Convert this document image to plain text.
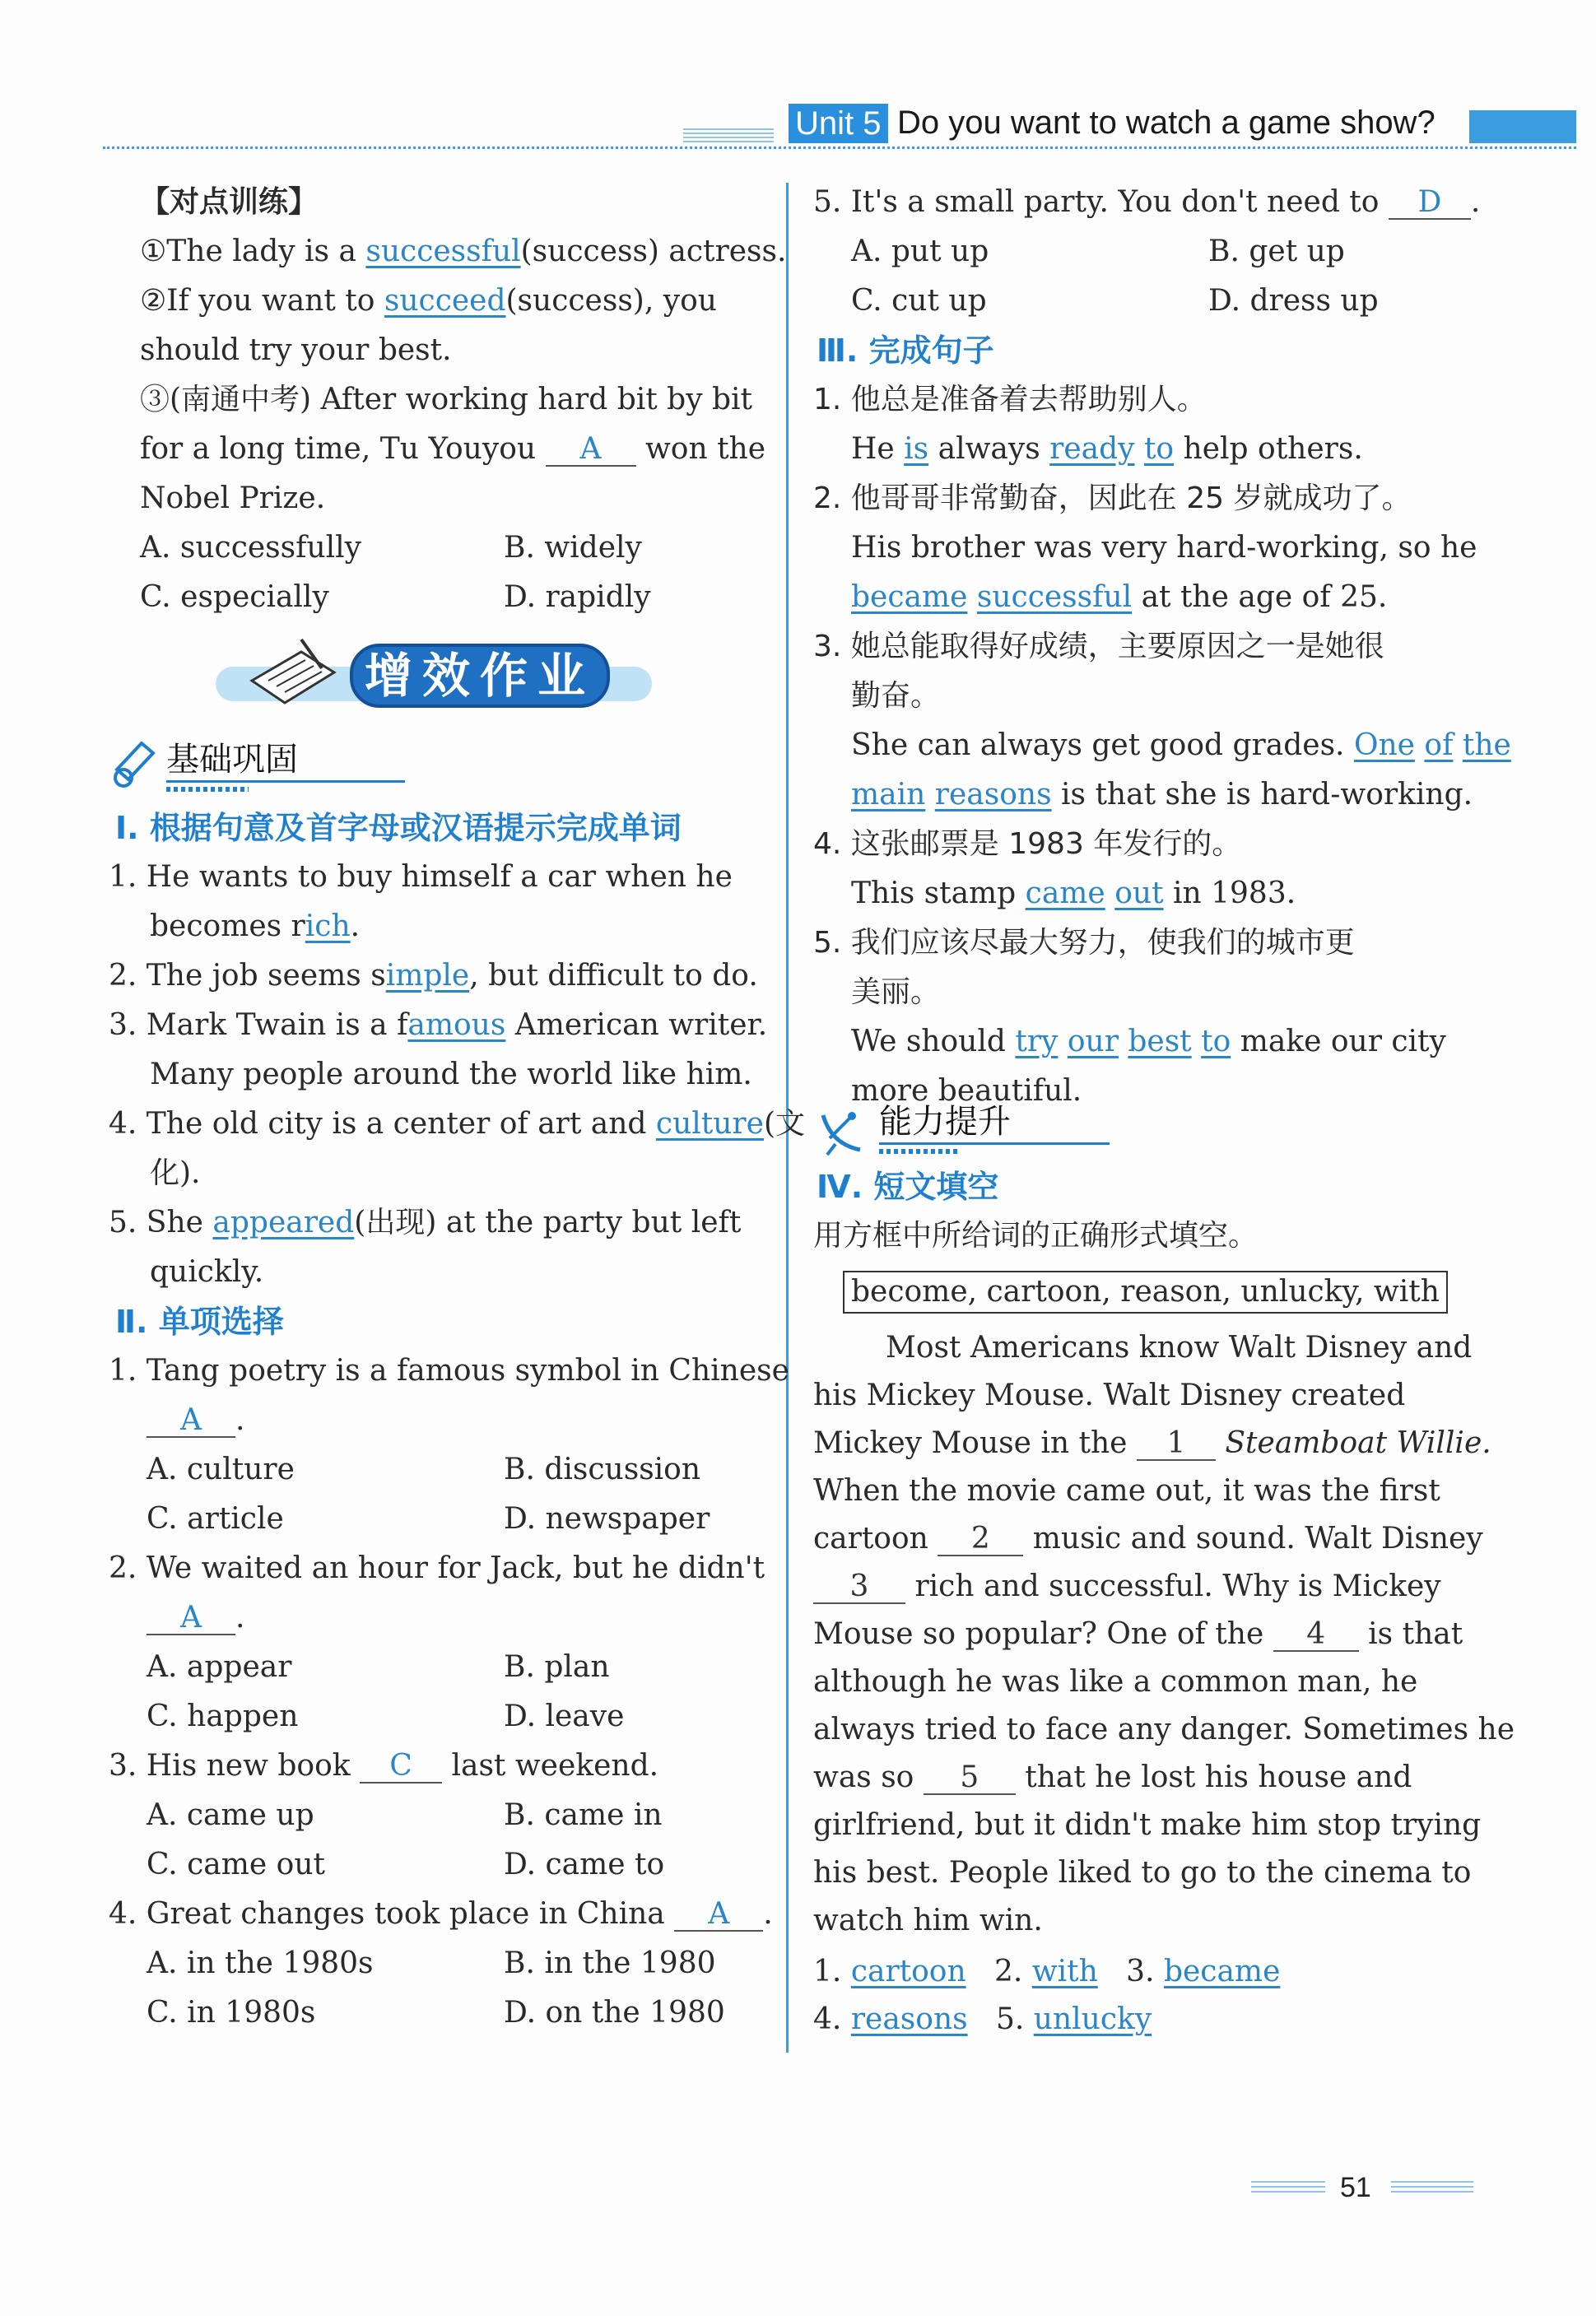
Unit 5 Do you want to watch a game show?
【对点训练】
①The lady is a successful(success) actress.
②If you want to succeed(success), you
should try your best.
③(南通中考) After working hard bit by bit
for a long time, Tu Youyou A won the
Nobel Prize.
A. successfully	B. widely
C. especially	D. rapidly
增效作业
基础巩固
Ⅰ. 根据句意及首字母或汉语提示完成单词
1. He wants to buy himself a car when he
becomes rich.
2. The job seems simple, but difficult to do.
3. Mark Twain is a famous American writer.
Many people around the world like him.
4. The old city is a center of art and culture(文
化).
5. She appeared(出现) at the party but left
quickly.
Ⅱ. 单项选择
1. Tang poetry is a famous symbol in Chinese
A .
A. culture	B. discussion
C. article	D. newspaper
2. We waited an hour for Jack, but he didn't
A .
A. appear	B. plan
C. happen	D. leave
3. His new book C last weekend.
A. came up	B. came in
C. came out	D. came to
4. Great changes took place in China A .
A. in the 1980s	B. in the 1980
C. in 1980s	D. on the 1980
5. It's a small party. You don't need to D .
A. put up	B. get up
C. cut up	D. dress up
Ⅲ. 完成句子
1. 他总是准备着去帮助别人。
He is always ready to help others.
2. 他哥哥非常勤奋，因此在 25 岁就成功了。
His brother was very hard-working, so he
became successful at the age of 25.
3. 她总能取得好成绩，主要原因之一是她很
勤奋。
She can always get good grades. One of the
main reasons is that she is hard-working.
4. 这张邮票是 1983 年发行的。
This stamp came out in 1983.
5. 我们应该尽最大努力，使我们的城市更
美丽。
We should try our best to make our city
more beautiful.
能力提升
Ⅳ. 短文填空
用方框中所给词的正确形式填空。
become, cartoon, reason, unlucky, with
Most Americans know Walt Disney and
his Mickey Mouse. Walt Disney created
Mickey Mouse in the 1 Steamboat Willie.
When the movie came out, it was the first
cartoon 2 music and sound. Walt Disney
3 rich and successful. Why is Mickey
Mouse so popular? One of the 4 is that
although he was like a common man, he
always tried to face any danger. Sometimes he
was so 5 that he lost his house and
girlfriend, but it didn't make him stop trying
his best. People liked to go to the cinema to
watch him win.
1. cartoon 2. with 3. became
4. reasons 5. unlucky
51
